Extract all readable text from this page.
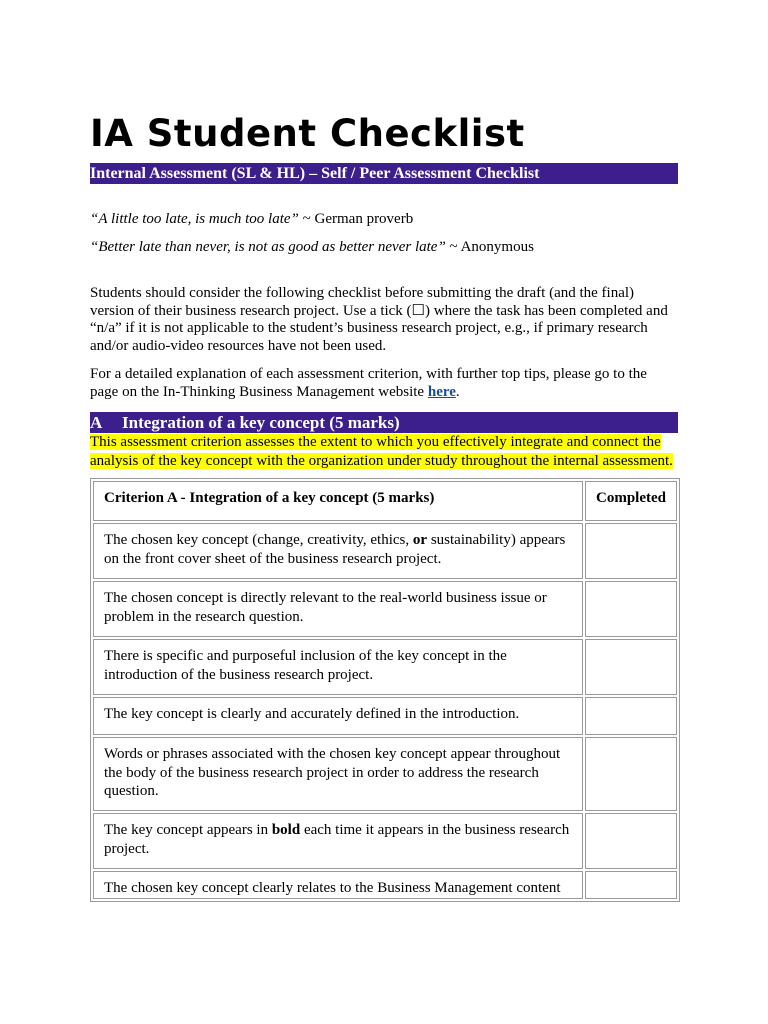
IA Student Checklist
Internal Assessment (SL & HL) – Self / Peer Assessment Checklist
“A little too late, is much too late” ~ German proverb
“Better late than never, is not as good as better never late” ~ Anonymous

Students should consider the following checklist before submitting the draft (and the final) version of their business research project. Use a tick (☐) where the task has been completed and “n/a” if it is not applicable to the student’s business research project, e.g., if primary research and/or audio-video resources have not been used.

For a detailed explanation of each assessment criterion, with further top tips, please go to the page on the In-Thinking Business Management website here.

A Integration of a key concept (5 marks)
This assessment criterion assesses the extent to which you effectively integrate and connect the analysis of the key concept with the organization under study throughout the internal assessment.
Criterion A - Integration of a key concept (5 marks)	Completed
The chosen key concept (change, creativity, ethics, or sustainability) appears on the front cover sheet of the business research project.	
The chosen concept is directly relevant to the real-world business issue or problem in the research question.	
There is specific and purposeful inclusion of the key concept in the introduction of the business research project.	
The key concept is clearly and accurately defined in the introduction.	
Words or phrases associated with the chosen key concept appear throughout the body of the business research project in order to address the research question.	
The key concept appears in bold each time it appears in the business research project.	
The chosen key concept clearly relates to the Business Management content	
